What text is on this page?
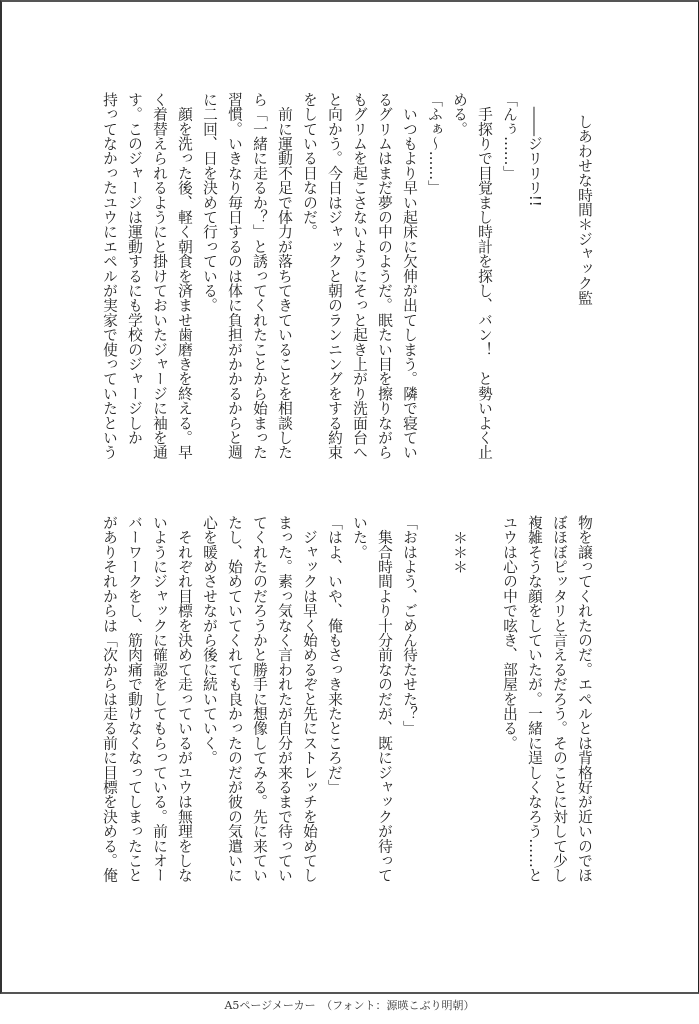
しあわせな時間＊ジャック監

　――ジリリリ!!
「んぅ……」
　手探りで目覚まし時計を探し、バン！　と勢いよく止
める。
「ふぁ～……」
　いつもより早い起床に欠伸が出てしまう。隣で寝てい
るグリムはまだ夢の中のようだ。眠たい目を擦りながら
もグリムを起こさないようにそっと起き上がり洗面台へ
と向かう。今日はジャックと朝のランニングをする約束
をしている日なのだ。
　前に運動不足で体力が落ちてきていることを相談した
ら「一緒に走るか？」と誘ってくれたことから始まった
習慣。いきなり毎日するのは体に負担がかかるからと週
に二回、日を決めて行っている。
　顔を洗った後、軽く朝食を済ませ歯磨きを終える。早
く着替えられるようにと掛けておいたジャージに袖を通
す。このジャージは運動するにも学校のジャージしか
持ってなかったユウにエペルが実家で使っていたという
物を譲ってくれたのだ。エペルとは背格好が近いのでほ
ぼほぼピッタリと言えるだろう。そのことに対して少し
複雑そうな顔をしていたが。一緒に逞しくなろう……と
ユウは心の中で呟き、部屋を出る。

＊＊＊

「おはよう、ごめん待たせた？」
　集合時間より十分前なのだが、既にジャックが待って
いた。
「はよ、いや、俺もさっき来たところだ」
　ジャックは早く始めるぞと先にストレッチを始めてし
まった。素っ気なく言われたが自分が来るまで待ってい
てくれたのだろうかと勝手に想像してみる。先に来てい
たし、始めていてくれても良かったのだが彼の気遣いに
心を暖めさせながら後に続いていく。
　それぞれ目標を決めて走っているがユウは無理をしな
いようにジャックに確認をしてもらっている。前にオー
バーワークをし、筋肉痛で動けなくなってしまったこと
がありそれからは「次からは走る前に目標を決める。俺
A5ページメーカー　（フォント：源暎こぶり明朝）
